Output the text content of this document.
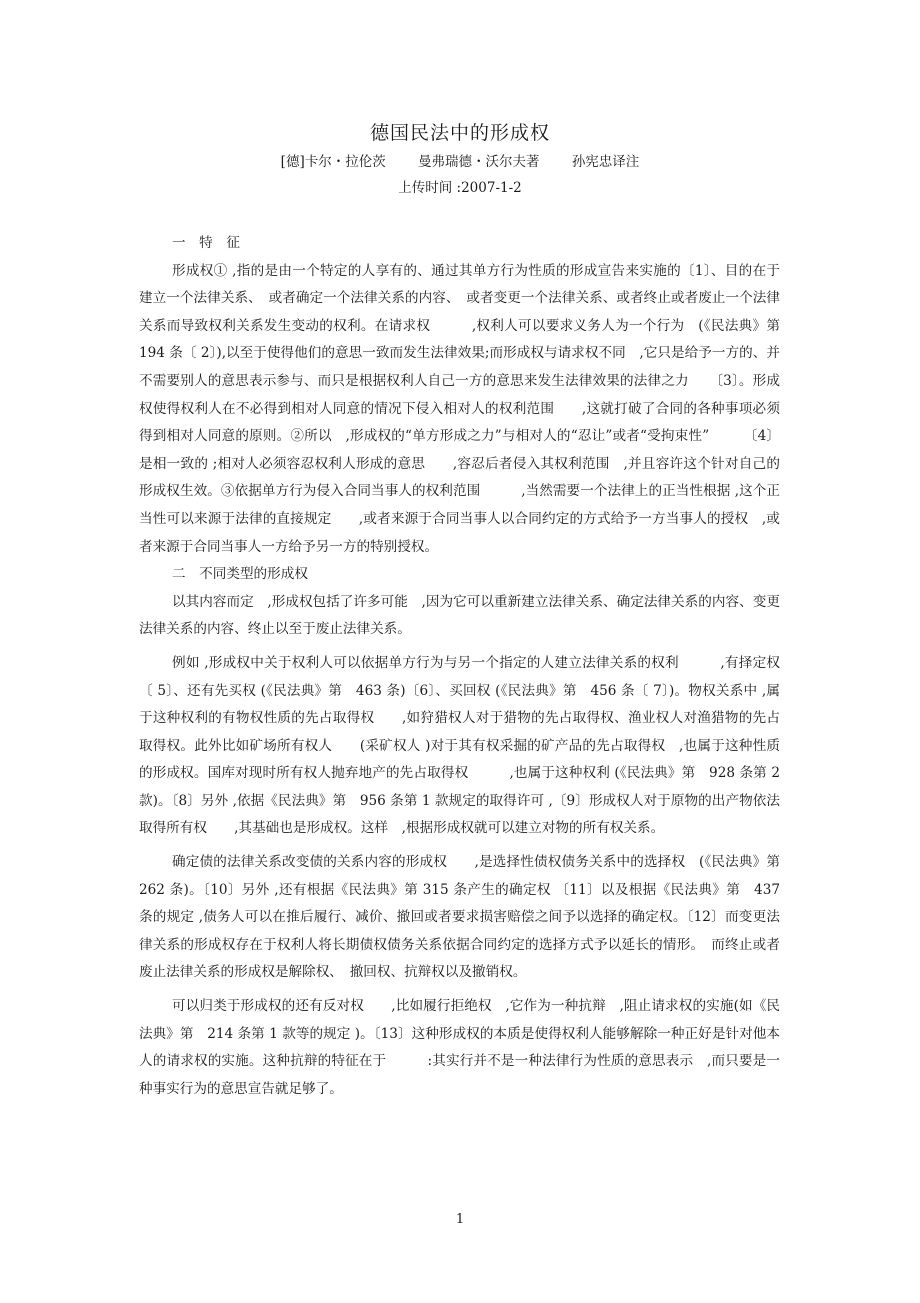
德国民法中的形成权
[德]卡尔・拉伦茨 曼弗瑞德・沃尔夫著 孙宪忠译注
上传时间 :2007-1-2

一　特　征

形成权① ,指的是由一个特定的人享有的、通过其单方行为性质的形成宣告来实施的〔1〕、目的在于建立一个法律关系、　或者确定一个法律关系的内容、　或者变更一个法律关系、或者终止或者废止一个法律关系而导致权利关系发生变动的权利。在请求权　　　,权利人可以要求义务人为一个行为　(《民法典》第　194 条〔 2〕),以至于使得他们的意思一致而发生法律效果;而形成权与请求权不同　,它只是给予一方的、并不需要别人的意思表示参与、而只是根据权利人自己一方的意思来发生法律效果的法律之力　　〔3〕。形成权使得权利人在不必得到相对人同意的情况下侵入相对人的权利范围　　,这就打破了合同的各种事项必须得到相对人同意的原则。②所以　,形成权的“单方形成之力”与相对人的“忍让”或者“受拘束性”　　　〔4〕是相一致的 ;相对人必须容忍权利人形成的意思　　,容忍后者侵入其权利范围　,并且容许这个针对自己的形成权生效。③依据单方行为侵入合同当事人的权利范围　　　,当然需要一个法律上的正当性根据 ,这个正当性可以来源于法律的直接规定　　,或者来源于合同当事人以合同约定的方式给予一方当事人的授权　,或者来源于合同当事人一方给予另一方的特别授权。

二　不同类型的形成权

以其内容而定　,形成权包括了许多可能　,因为它可以重新建立法律关系、确定法律关系的内容、变更法律关系的内容、终止以至于废止法律关系。

例如 ,形成权中关于权利人可以依据单方行为与另一个指定的人建立法律关系的权利　　　,有择定权〔 5〕、还有先买权 (《民法典》第　463 条)〔6〕、买回权 (《民法典》第　456 条〔 7〕)。物权关系中 ,属于这种权利的有物权性质的先占取得权　　,如狩猎权人对于猎物的先占取得权、渔业权人对渔猎物的先占取得权。此外比如矿场所有权人　　(采矿权人 )对于其有权采掘的矿产品的先占取得权　,也属于这种性质的形成权。国库对现时所有权人抛弃地产的先占取得权　　　,也属于这种权利 (《民法典》第　928 条第 2 款)。〔8〕另外 ,依据《民法典》第　956 条第 1 款规定的取得许可 ,〔9〕形成权人对于原物的出产物依法取得所有权　　,其基础也是形成权。这样　,根据形成权就可以建立对物的所有权关系。

确定债的法律关系改变债的关系内容的形成权　　,是选择性债权债务关系中的选择权　(《民法典》第 262 条)。〔10〕另外 ,还有根据《民法典》第 315 条产生的确定权 〔11〕以及根据《民法典》第　437 条的规定 ,债务人可以在推后履行、减价、撤回或者要求损害赔偿之间予以选择的确定权。〔12〕而变更法律关系的形成权存在于权利人将长期债权债务关系依据合同约定的选择方式予以延长的情形。　而终止或者废止法律关系的形成权是解除权、　撤回权、抗辩权以及撤销权。

可以归类于形成权的还有反对权　　,比如履行拒绝权　,它作为一种抗辩　,阻止请求权的实施(如《民法典》第　214 条第 1 款等的规定 )。〔13〕这种形成权的本质是使得权利人能够解除一种正好是针对他本人的请求权的实施。这种抗辩的特征在于　　　:其实行并不是一种法律行为性质的意思表示　,而只要是一种事实行为的意思宣告就足够了。

1
